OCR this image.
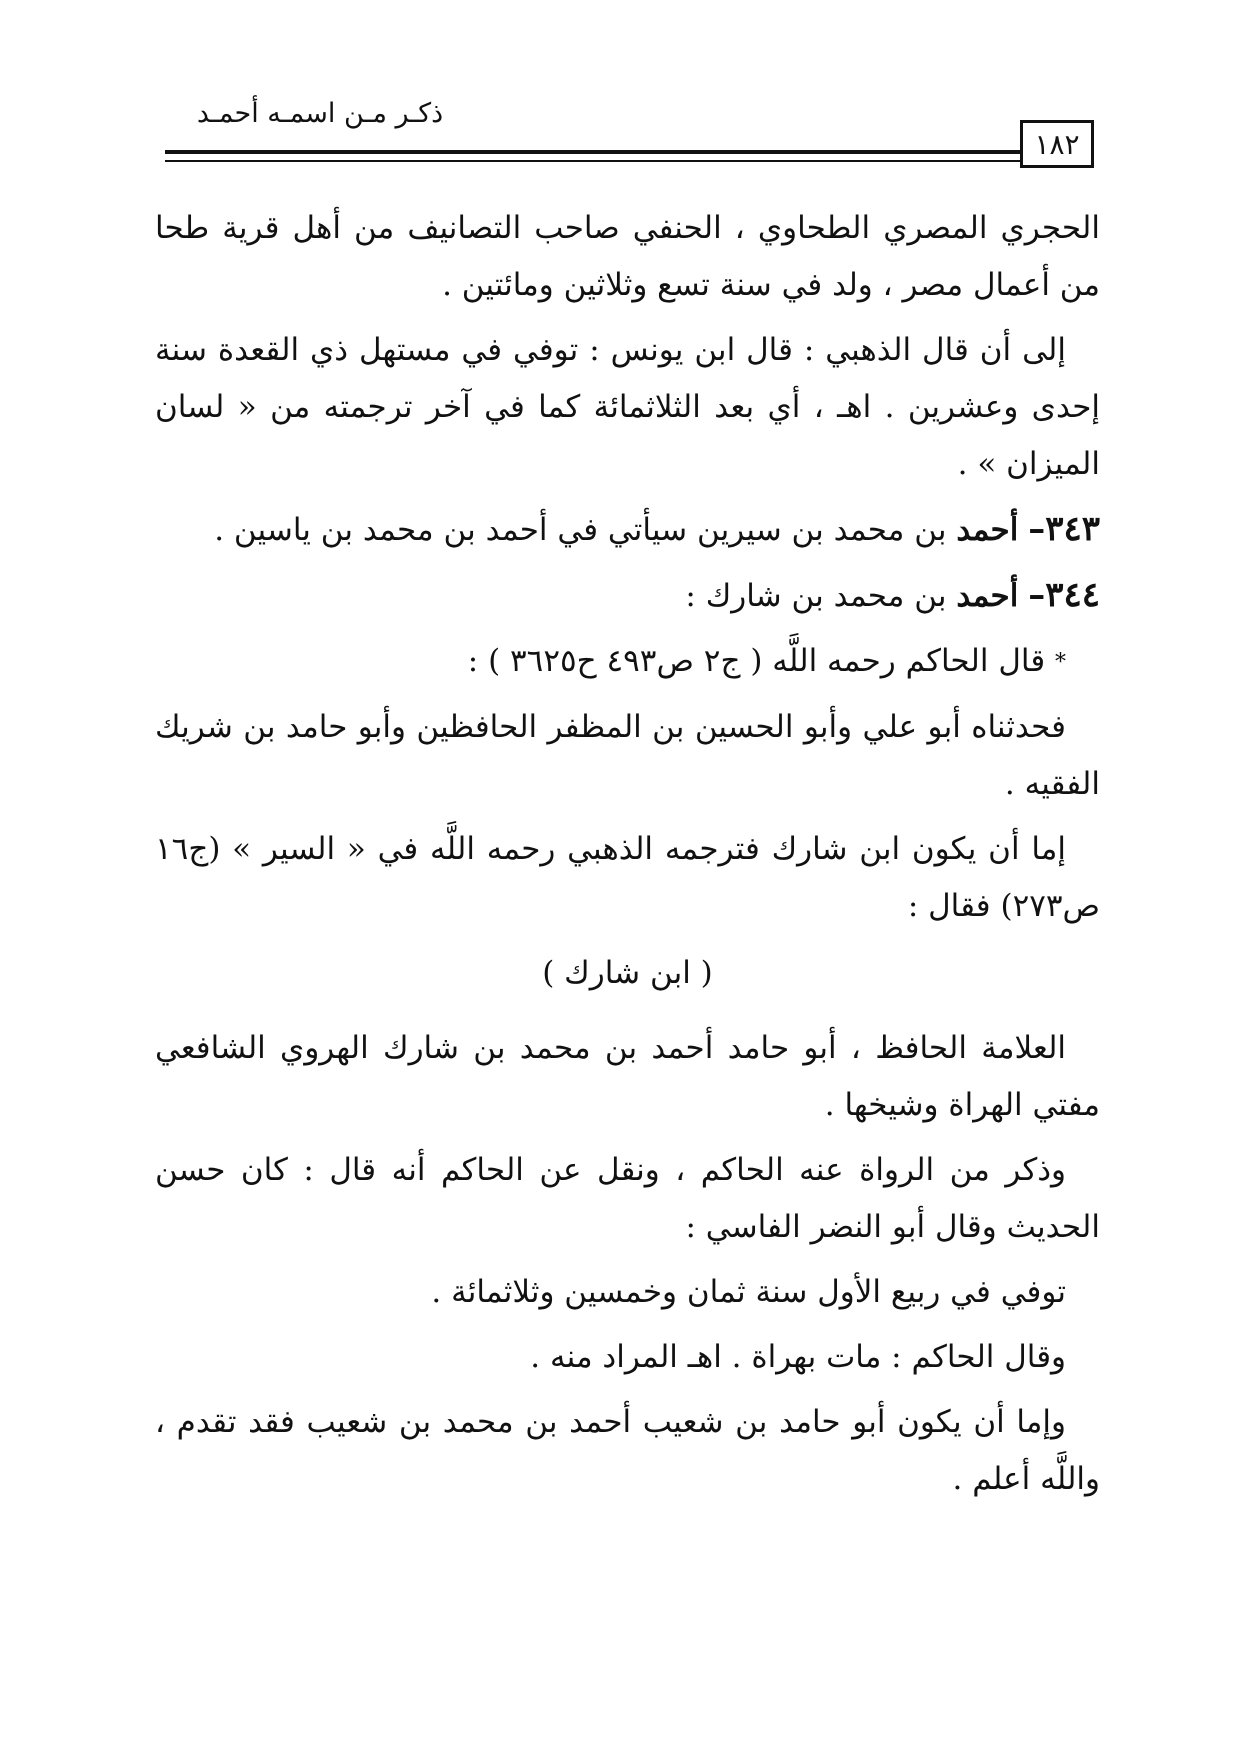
ذكـر مـن اسمـه أحمـد
١٨٢

الحجري المصري الطحاوي ، الحنفي صاحب التصانيف من أهل قرية طحا من أعمال مصر ، ولد في سنة تسع وثلاثين ومائتين .

إلى أن قال الذهبي : قال ابن يونس : توفي في مستهل ذي القعدة سنة إحدى وعشرين . اهـ ، أي بعد الثلاثمائة كما في آخر ترجمته من « لسان الميزان » .

٣٤٣– أحمد بن محمد بن سيرين سيأتي في أحمد بن محمد بن ياسين .

٣٤٤– أحمد بن محمد بن شارك :

* قال الحاكم رحمه اللَّه ( ج٢ ص٤٩٣ ح٣٦٢٥ ) :

فحدثناه أبو علي وأبو الحسين بن المظفر الحافظين وأبو حامد بن شريك الفقيه .

إما أن يكون ابن شارك فترجمه الذهبي رحمه اللَّه في « السير » (ج١٦ ص٢٧٣) فقال :

( ابن شارك )

العلامة الحافظ ، أبو حامد أحمد بن محمد بن شارك الهروي الشافعي مفتي الهراة وشيخها .

وذكر من الرواة عنه الحاكم ، ونقل عن الحاكم أنه قال : كان حسن الحديث وقال أبو النضر الفاسي :

توفي في ربيع الأول سنة ثمان وخمسين وثلاثمائة .

وقال الحاكم : مات بهراة . اهـ المراد منه .

وإما أن يكون أبو حامد بن شعيب أحمد بن محمد بن شعيب فقد تقدم ، واللَّه أعلم .
